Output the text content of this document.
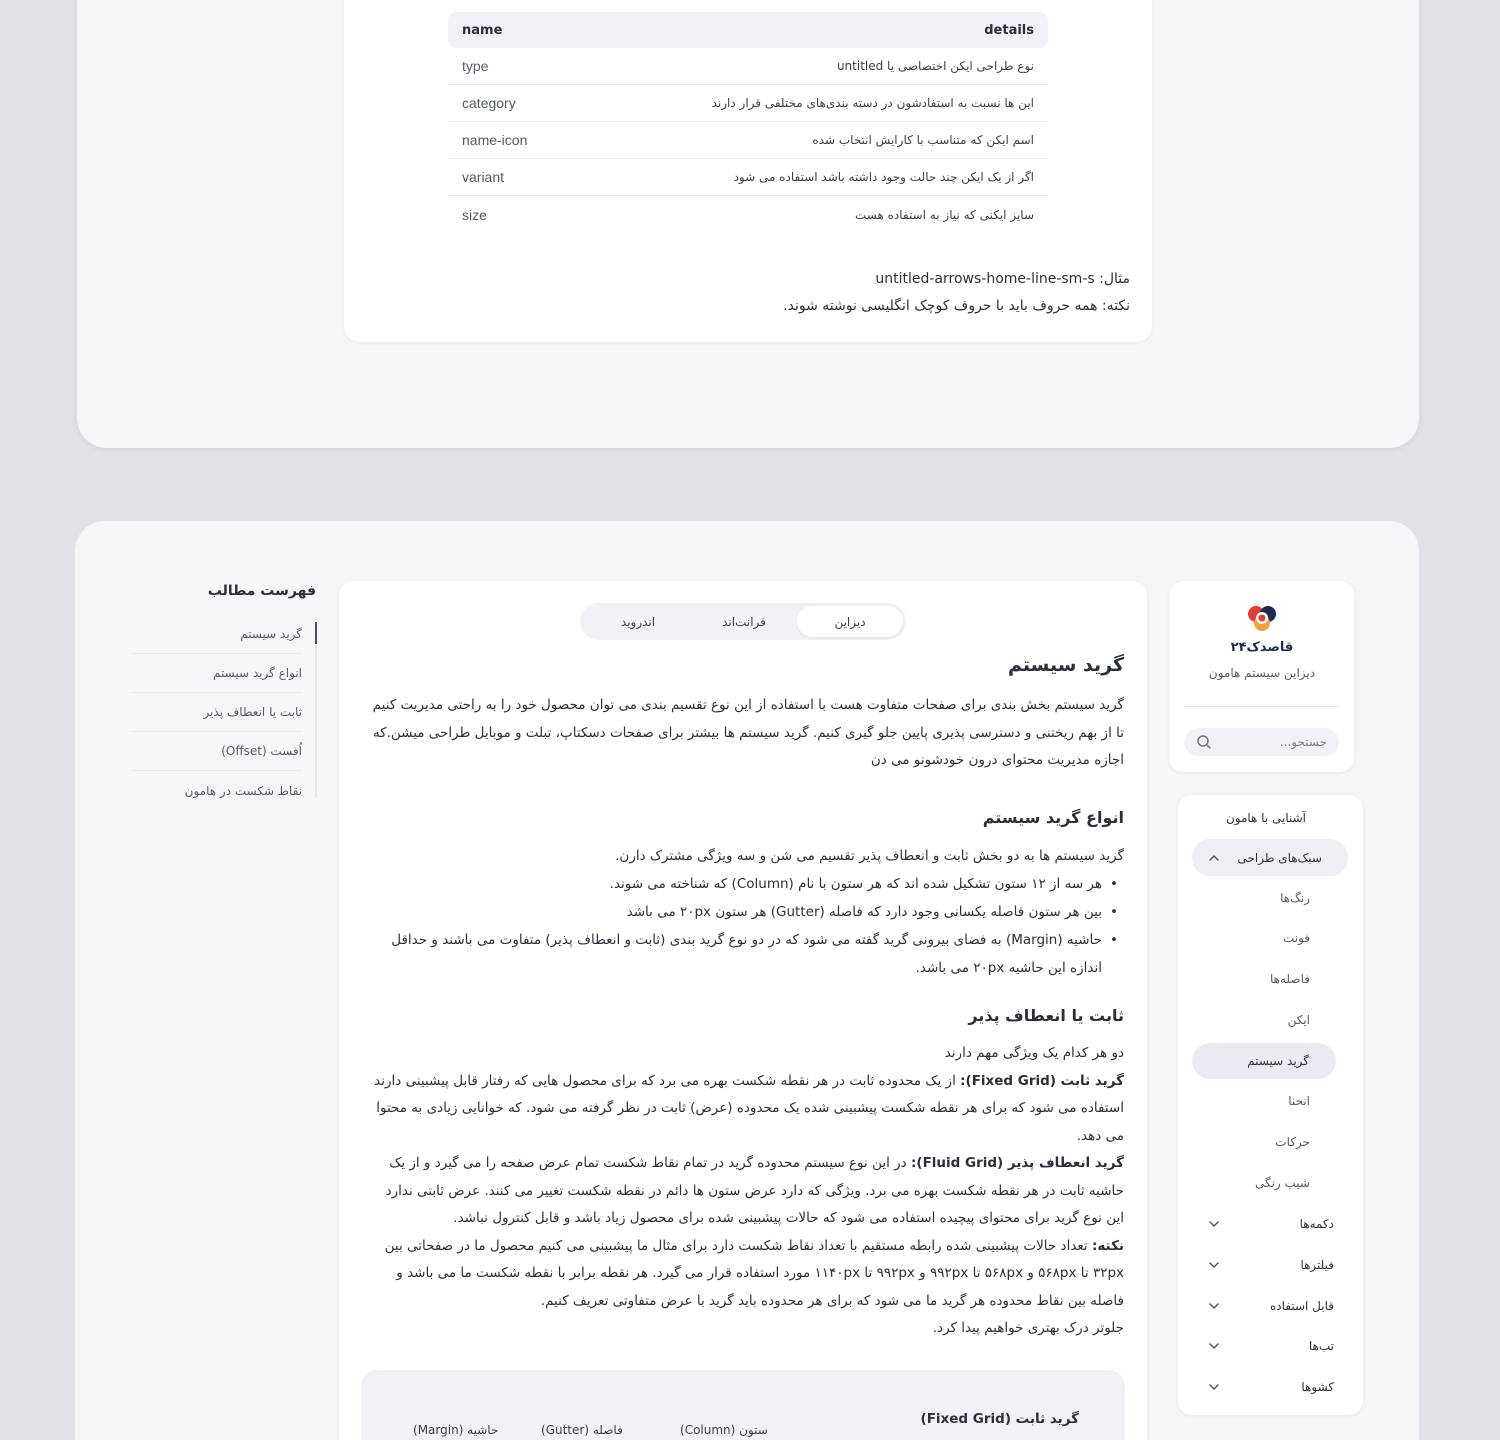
name	details
type	نوع طراحی ایکن اختصاصی یا untitled
category	این ها نسبت به استفادشون در دسته بندی‌های مختلفی قرار دارند
name-icon	اسم ایکن که متناسب با کارایش انتخاب شده
variant	اگر از یک ایکن چند حالت وجود داشته باشد استفاده می شود
size	سایز ایکنی که نیاز به استفاده هست
مثال: untitled-arrows-home-line-sm-s
نکته: همه حروف باید با حروف کوچک انگلیسی نوشته شوند.
قاصدک۲۴
دیزاین سیستم هامون
جستجو...
آشنایی با هامون
سبک‌های طراحی
رنگ‌ها
فونت
فاصله‌ها
ایکن
گرید سیستم
انحنا
حرکات
شیب رنگی
دکمه‌ها
فیلترها
قابل استفاده
تب‌ها
کشوها
دیزاین
فرانت‌اند
اندروید
گرید سیستم
گرید سیستم بخش بندی برای صفحات متفاوت هست با استفاده از این نوع تقسیم بندی می توان محصول خود را به راحتی مدیریت کنیم تا از بهم ریختنی و دسترسی پذیری پایین جلو گیری کنیم. گرید سیستم ها بیشتر برای صفحات دسکتاپ، تبلت و موبایل طراحی میشن.که اجازه مدیریت محتوای درون خودشونو می دن
انواع گرید سیستم
گرید سیستم ها به دو بخش ثابت و انعطاف پذیر تقسیم می شن و سه ویژگی مشترک دارن.
• هر سه از ۱۲ ستون تشکیل شده اند که هر ستون با نام (Column) که شناخته می شوند.
• بین هر ستون فاصله یکسانی وجود دارد که فاصله (Gutter) هر ستون ۲۰px می باشد
• حاشیه (Margin) به فضای بیرونی گرید گفته می شود که در دو نوع گرید بندی (ثابت و انعطاف پذیر) متفاوت می باشند و حداقل اندازه این حاشیه ۲۰px می باشد.
ثابت یا انعطاف پذیر
دو هر کدام یک ویژگی مهم دارند
گرید ثابت (Fixed Grid): از یک محدوده ثابت در هر نقطه شکست بهره می برد که برای محصول هایی که رفتار قابل پیشبینی دارند استفاده می شود که برای هر نقطه شکست پیشبینی شده یک محدوده (عرض) ثابت در نظر گرفته می شود. که خوانایی زیادی به محتوا می دهد.
گرید انعطاف پذیر (Fluid Grid): در این نوع سیستم محدوده گرید در تمام نقاط شکست تمام عرض صفحه را می گیرد و از یک حاشیه ثابت در هر نقطه شکست بهره می برد. ویژگی که دارد عرض ستون ها دائم در نقطه شکست تغییر می کنند. عرض ثابتی ندارد این نوع گرید برای محتوای پیچیده استفاده می شود که حالات پیشبینی شده برای محصول زیاد باشد و قابل کنترول نباشد.
نکته: تعداد حالات پیشبینی شده رابطه مستقیم با تعداد نقاط شکست دارد برای مثال ما پیشبینی می کنیم محصول ما در صفحاتی بین ۳۲px تا ۵۶۸px و ۵۶۸px تا ۹۹۲px و ۹۹۲px تا ۱۱۴۰px مورد استفاده قرار می گیرد. هر نقطه برابر با نقطه شکست ما می باشد و فاصله بین نقاط محدوده هر گرید ما می شود که برای هر محدوده باید گرید با عرض متفاوتی تعریف کنیم.
جلوتر درک بهتری خواهیم پیدا کرد.
گرید ثابت (Fixed Grid)
ستون (Column)
فاصله (Gutter)
حاشیه (Margin)
فهرست مطالب
گرید سیستم
انواع گرید سیستم
ثابت یا انعطاف پذیر
اُفست (Offset)
نقاط شکست در هامون
